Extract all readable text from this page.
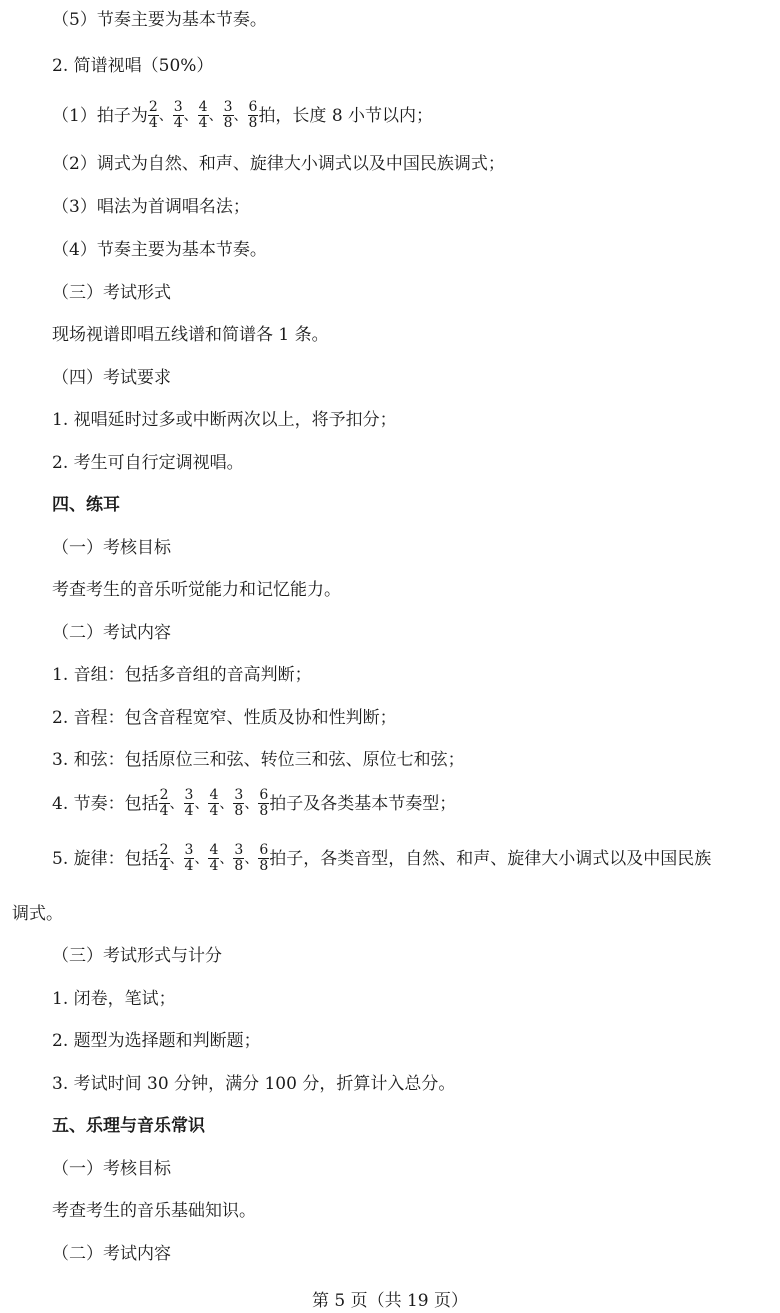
（5）节奏主要为基本节奏。
2. 简谱视唱（50%）
（1）拍子为 $\frac{2}{4}$ 、 $\frac{3}{4}$ 、 $\frac{4}{4}$ 、 $\frac{3}{8}$ 、 $\frac{6}{8}$ 拍，长度 8 小节以内；
（2）调式为自然、和声、旋律大小调式以及中国民族调式；
（3）唱法为首调唱名法；
（4）节奏主要为基本节奏。
（三）考试形式
现场视谱即唱五线谱和简谱各 1 条。
（四）考试要求
1. 视唱延时过多或中断两次以上，将予扣分；
2. 考生可自行定调视唱。
四、练耳
（一）考核目标
考查考生的音乐听觉能力和记忆能力。
（二）考试内容
1. 音组：包括多音组的音高判断；
2. 音程：包含音程宽窄、性质及协和性判断；
3. 和弦：包括原位三和弦、转位三和弦、原位七和弦；
4. 节奏：包括 $\frac{2}{4}$ 、 $\frac{3}{4}$ 、 $\frac{4}{4}$ 、 $\frac{3}{8}$ 、 $\frac{6}{8}$ 拍子及各类基本节奏型；
5. 旋律：包括 $\frac{2}{4}$ 、 $\frac{3}{4}$ 、 $\frac{4}{4}$ 、 $\frac{3}{8}$ 、 $\frac{6}{8}$ 拍子，各类音型，自然、和声、旋律大小调式以及中国民族
调式。
（三）考试形式与计分
1. 闭卷，笔试；
2. 题型为选择题和判断题；
3. 考试时间 30 分钟，满分 100 分，折算计入总分。
五、乐理与音乐常识
（一）考核目标
考查考生的音乐基础知识。
（二）考试内容
第 5 页（共 19 页）
